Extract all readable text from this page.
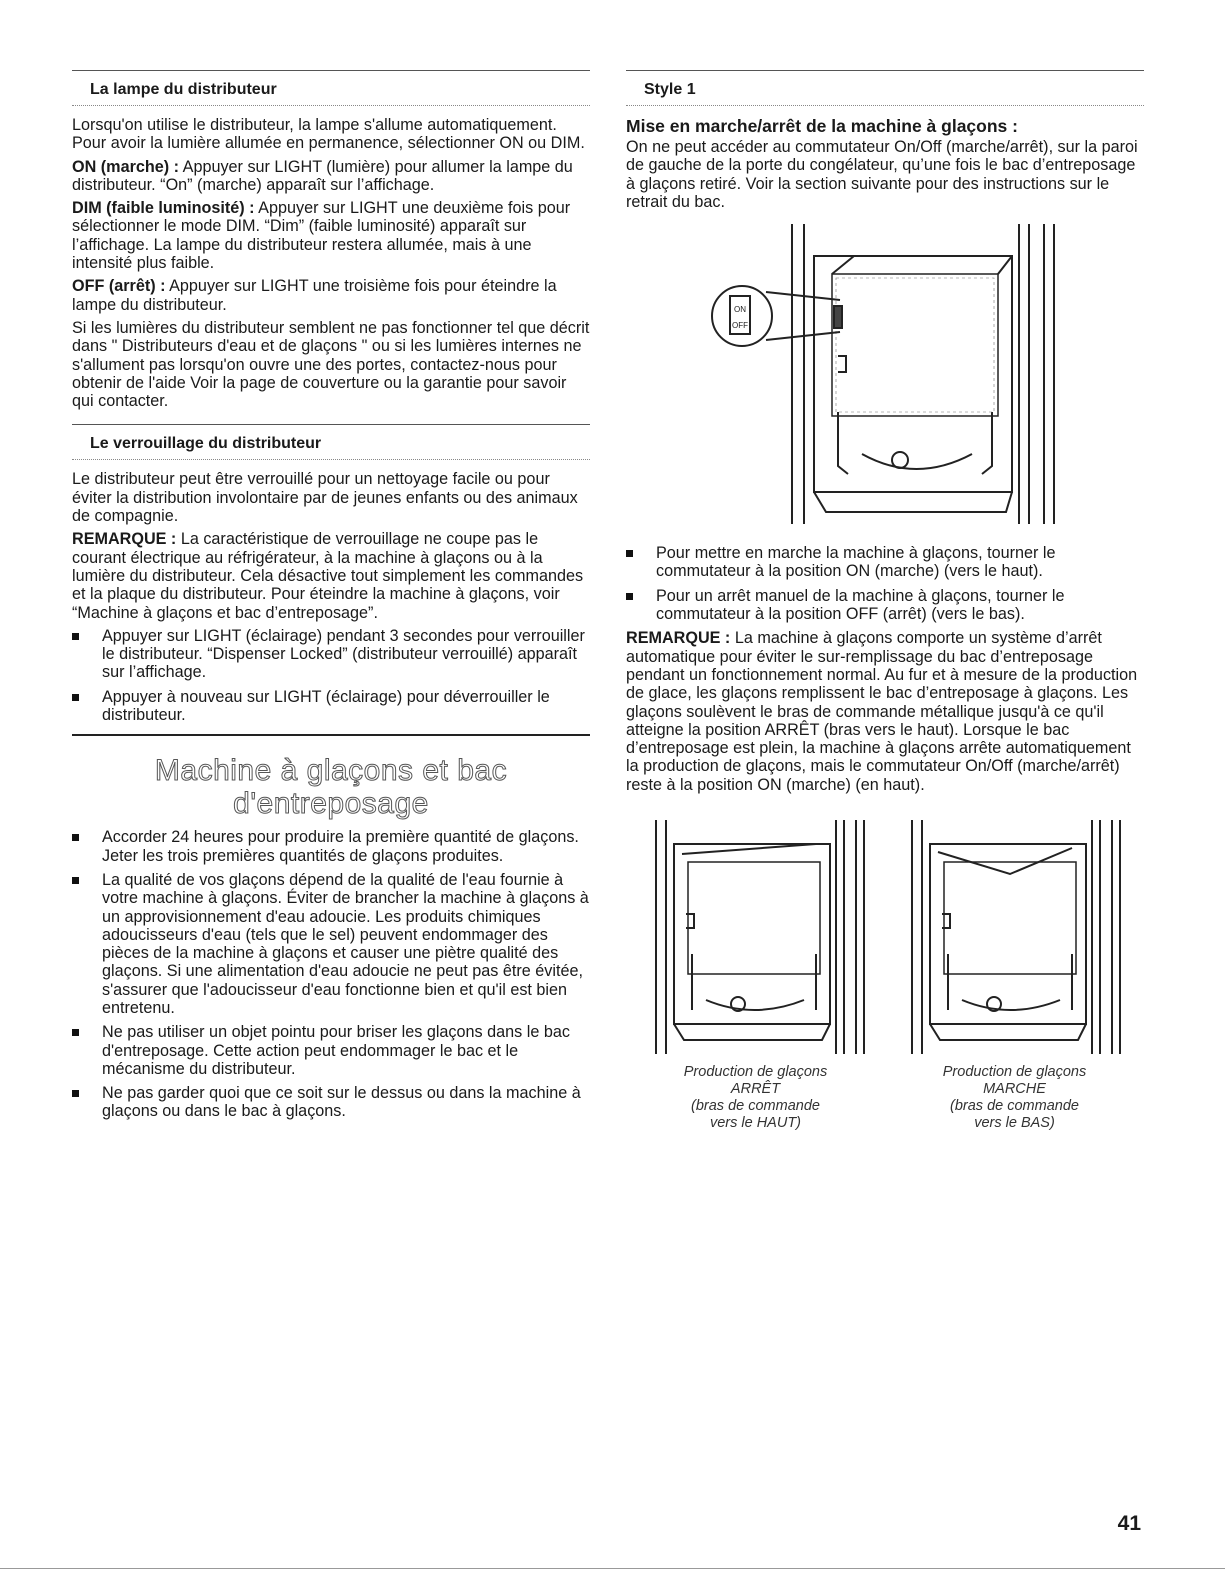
La lampe du distributeur

Lorsqu'on utilise le distributeur, la lampe s'allume automatiquement. Pour avoir la lumière allumée en permanence, sélectionner ON ou DIM.

ON (marche) : Appuyer sur LIGHT (lumière) pour allumer la lampe du distributeur. “On” (marche) apparaît sur l’affichage.

DIM (faible luminosité) : Appuyer sur LIGHT une deuxième fois pour sélectionner le mode DIM. “Dim” (faible luminosité) apparaît sur l’affichage. La lampe du distributeur restera allumée, mais à une intensité plus faible.

OFF (arrêt) : Appuyer sur LIGHT une troisième fois pour éteindre la lampe du distributeur.

Si les lumières du distributeur semblent ne pas fonctionner tel que décrit dans " Distributeurs d'eau et de glaçons " ou si les lumières internes ne s'allument pas lorsqu'on ouvre une des portes, contactez-nous pour obtenir de l'aide Voir la page de couverture ou la garantie pour savoir qui contacter.

Le verrouillage du distributeur

Le distributeur peut être verrouillé pour un nettoyage facile ou pour éviter la distribution involontaire par de jeunes enfants ou des animaux de compagnie.

REMARQUE : La caractéristique de verrouillage ne coupe pas le courant électrique au réfrigérateur, à la machine à glaçons ou à la lumière du distributeur. Cela désactive tout simplement les commandes et la plaque du distributeur. Pour éteindre la machine à glaçons, voir “Machine à glaçons et bac d’entreposage”.

Appuyer sur LIGHT (éclairage) pendant 3 secondes pour verrouiller le distributeur. “Dispenser Locked” (distributeur verrouillé) apparaît sur l’affichage.
Appuyer à nouveau sur LIGHT (éclairage) pour déverrouiller le distributeur.
Machine à glaçons et bac
d'entreposage
Accorder 24 heures pour produire la première quantité de glaçons. Jeter les trois premières quantités de glaçons produites.
La qualité de vos glaçons dépend de la qualité de l'eau fournie à votre machine à glaçons. Éviter de brancher la machine à glaçons à un approvisionnement d'eau adoucie. Les produits chimiques adoucisseurs d'eau (tels que le sel) peuvent endommager des pièces de la machine à glaçons et causer une piètre qualité des glaçons. Si une alimentation d'eau adoucie ne peut pas être évitée, s'assurer que l'adoucisseur d'eau fonctionne bien et qu'il est bien entretenu.
Ne pas utiliser un objet pointu pour briser les glaçons dans le bac d'entreposage. Cette action peut endommager le bac et le mécanisme du distributeur.
Ne pas garder quoi que ce soit sur le dessus ou dans la machine à glaçons ou dans le bac à glaçons.
Style 1
Mise en marche/arrêt de la machine à glaçons :

On ne peut accéder au commutateur On/Off (marche/arrêt), sur la paroi de gauche de la porte du congélateur, qu’une fois le bac d’entreposage à glaçons retiré. Voir la section suivante pour des instructions sur le retrait du bac.

ON
OFF
Pour mettre en marche la machine à glaçons, tourner le commutateur à la position ON (marche) (vers le haut).
Pour un arrêt manuel de la machine à glaçons, tourner le commutateur à la position OFF (arrêt) (vers le bas).

REMARQUE : La machine à glaçons comporte un système d’arrêt automatique pour éviter le sur-remplissage du bac d’entreposage pendant un fonctionnement normal. Au fur et à mesure de la production de glace, les glaçons remplissent le bac d’entreposage à glaçons. Les glaçons soulèvent le bras de commande métallique jusqu'à ce qu'il atteigne la position ARRÊT (bras vers le haut). Lorsque le bac d’entreposage est plein, la machine à glaçons arrête automatiquement la production de glaçons, mais le commutateur On/Off (marche/arrêt) reste à la position ON (marche) (en haut).

Production de glaçons
ARRÊT
(bras de commande
vers le HAUT)
Production de glaçons
MARCHE
(bras de commande
vers le BAS)
41
